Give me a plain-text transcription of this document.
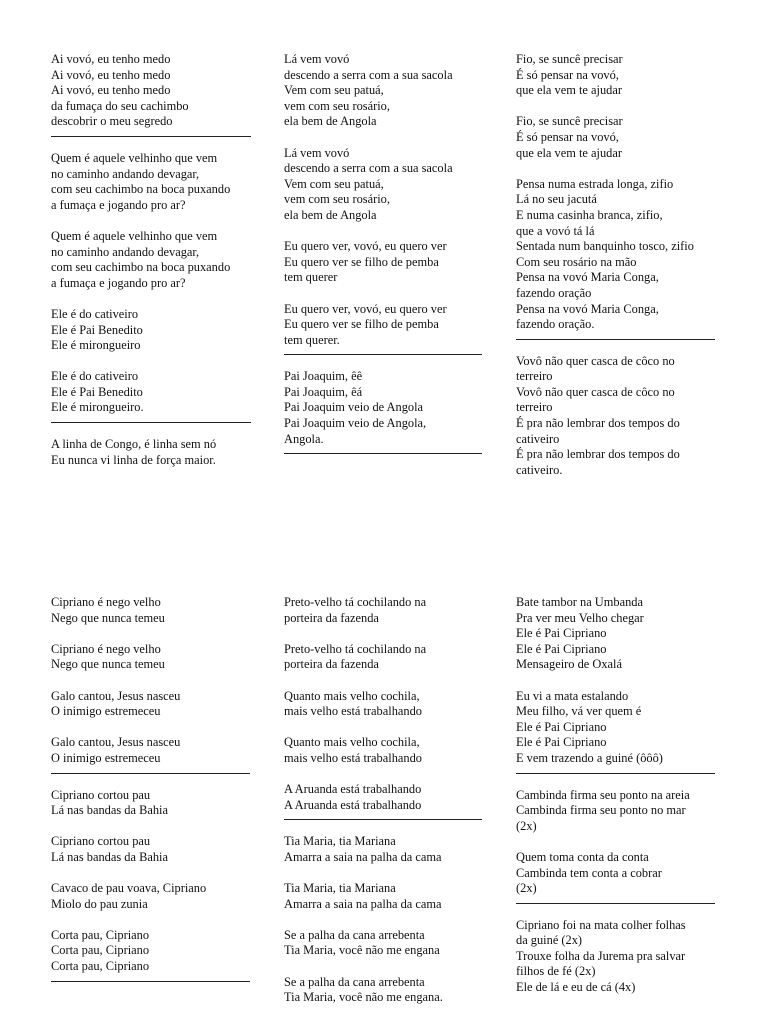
Ai vovó, eu tenho medo
Ai vovó, eu tenho medo
Ai vovó, eu tenho medo
da fumaça do seu cachimbo
descobrir o meu segredo
Quem é aquele velhinho que vem
no caminho andando devagar,
com seu cachimbo na boca puxando
a fumaça e jogando pro ar?
Quem é aquele velhinho que vem
no caminho andando devagar,
com seu cachimbo na boca puxando
a fumaça e jogando pro ar?
Ele é do cativeiro
Ele é Pai Benedito
Ele é mirongueiro
Ele é do cativeiro
Ele é Pai Benedito
Ele é mirongueiro.
A linha de Congo, é linha sem nó
Eu nunca vi linha de força maior.
Lá vem vovó
descendo a serra com a sua sacola
Vem com seu patuá,
vem com seu rosário,
ela bem de Angola
Lá vem vovó
descendo a serra com a sua sacola
Vem com seu patuá,
vem com seu rosário,
ela bem de Angola
Eu quero ver, vovó, eu quero ver
Eu quero ver se filho de pemba
tem querer
Eu quero ver, vovó, eu quero ver
Eu quero ver se filho de pemba
tem querer.
Pai Joaquim, êê
Pai Joaquim, êá
Pai Joaquim veio de Angola
Pai Joaquim veio de Angola,
Angola.
Fio, se suncê precisar
É só pensar na vovó,
que ela vem te ajudar
Fio, se suncê precisar
É só pensar na vovó,
que ela vem te ajudar
Pensa numa estrada longa, zifio
Lá no seu jacutá
E numa casinha branca, zifio,
que a vovó tá lá
Sentada num banquinho tosco, zifio
Com seu rosário na mão
Pensa na vovó Maria Conga,
fazendo oração
Pensa na vovó Maria Conga,
fazendo oração.
Vovô não quer casca de côco no
terreiro
Vovô não quer casca de côco no
terreiro
É pra não lembrar dos tempos do
cativeiro
É pra não lembrar dos tempos do
cativeiro.
Cipriano é nego velho
Nego que nunca temeu
Cipriano é nego velho
Nego que nunca temeu
Galo cantou, Jesus nasceu
O inimigo estremeceu
Galo cantou, Jesus nasceu
O inimigo estremeceu
Cipriano cortou pau
Lá nas bandas da Bahia
Cipriano cortou pau
Lá nas bandas da Bahia
Cavaco de pau voava, Cipriano
Miolo do pau zunia
Corta pau, Cipriano
Corta pau, Cipriano
Corta pau, Cipriano
Preto-velho tá cochilando na
porteira da fazenda
Preto-velho tá cochilando na
porteira da fazenda
Quanto mais velho cochila,
mais velho está trabalhando
Quanto mais velho cochila,
mais velho está trabalhando
A Aruanda está trabalhando
A Aruanda está trabalhando
Tia Maria, tia Mariana
Amarra a saia na palha da cama
Tia Maria, tia Mariana
Amarra a saia na palha da cama
Se a palha da cana arrebenta
Tia Maria, você não me engana
Se a palha da cana arrebenta
Tia Maria, você não me engana.
Bate tambor na Umbanda
Pra ver meu Velho chegar
Ele é Pai Cipriano
Ele é Pai Cipriano
Mensageiro de Oxalá
Eu vi a mata estalando
Meu filho, vá ver quem é
Ele é Pai Cipriano
Ele é Pai Cipriano
E vem trazendo a guiné (ôôô)
Cambinda firma seu ponto na areia
Cambinda firma seu ponto no mar
(2x)
Quem toma conta da conta
Cambinda tem conta a cobrar
(2x)
Cipriano foi na mata colher folhas
da guiné (2x)
Trouxe folha da Jurema pra salvar
filhos de fé (2x)
Ele de lá e eu de cá (4x)
